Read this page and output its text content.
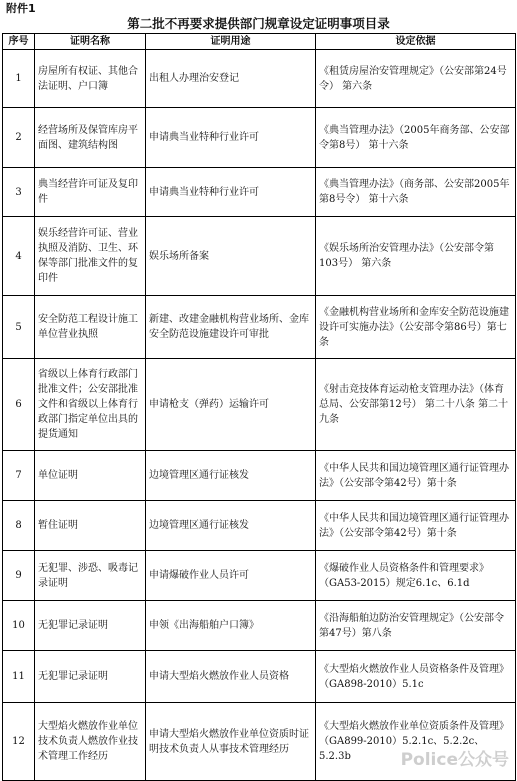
附件1
第二批不再要求提供部门规章设定证明事项目录
序号	证明名称	证明用途	设定依据
1	房屋所有权证、其他合法证明、户口簿	出租人办理治安登记	《租赁房屋治安管理规定》（公安部第24号令） 第六条
2	经营场所及保管库房平面图、建筑结构图	申请典当业特种行业许可	《典当管理办法》（2005年商务部、公安部令第8号） 第十六条
3	典当经营许可证及复印件	申请典当业特种行业许可	《典当管理办法》（商务部、公安部2005年第8号令） 第十六条
4	娱乐经营许可证、营业执照及消防、卫生、环保等部门批准文件的复印件	娱乐场所备案	《娱乐场所治安管理办法》（公安部令第103号） 第六条
5	安全防范工程设计施工单位营业执照	新建、改建金融机构营业场所、金库安全防范设施建设许可审批	《金融机构营业场所和金库安全防范设施建设许可实施办法》（公安部令第86号）第七条
6	省级以上体育行政部门批准文件；公安部批准文件和省级以上体育行政部门指定单位出具的提货通知	申请枪支（弹药）运输许可	《射击竞技体育运动枪支管理办法》（体育总局、公安部第12号） 第二十八条 第二十九条
7	单位证明	边境管理区通行证核发	《中华人民共和国边境管理区通行证管理办法》（公安部令第42号）第十条
8	暂住证明	边境管理区通行证核发	《中华人民共和国边境管理区通行证管理办法》（公安部令第42号）第十条
9	无犯罪、涉恐、吸毒记录证明	申请爆破作业人员许可	《爆破作业人员资格条件和管理要求》（GA53-2015）规定6.1c、6.1d
10	无犯罪记录证明	申领《出海船舶户口簿》	《沿海船舶边防治安管理规定》（公安部令第47号）第八条
11	无犯罪记录证明	申请大型焰火燃放作业人员资格	《大型焰火燃放作业人员资格条件及管理》（GA898-2010）5.1c
12	大型焰火燃放作业单位技术负责人燃放作业技术管理工作经历	申请大型焰火燃放作业单位资质时证明技术负责人从事技术管理经历	《大型焰火燃放作业单位资质条件及管理》（GA899-2010）5.2.1c、5.2.2c、5.2.3b	Police公众号
